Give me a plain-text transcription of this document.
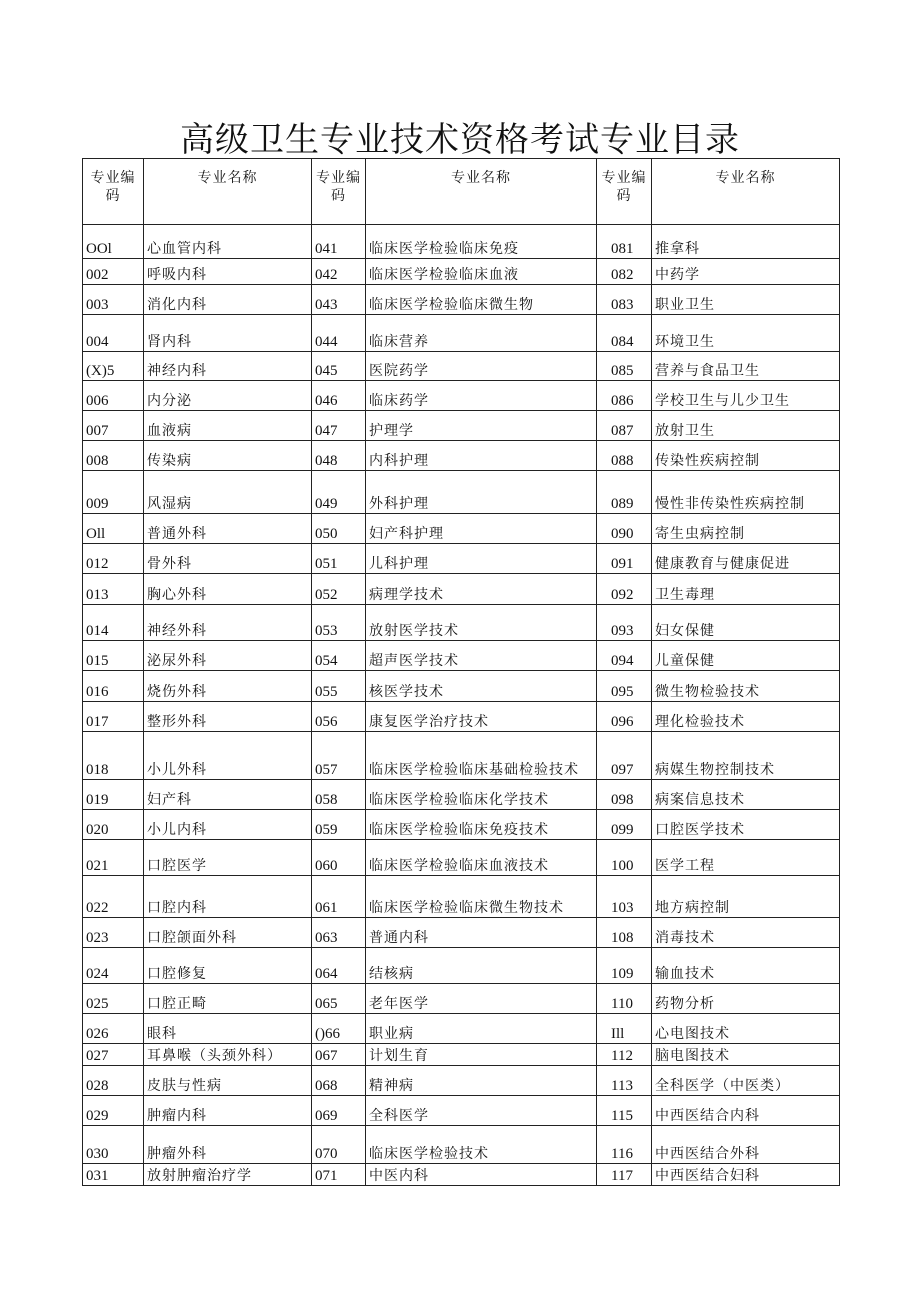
高级卫生专业技术资格考试专业目录
专业编码	专业名称	专业编码	专业名称	专业编码	专业名称
OOl	心血管内科	041	临床医学检验临床免疫	081	推拿科
002	呼吸内科	042	临床医学检验临床血液	082	中药学
003	消化内科	043	临床医学检验临床微生物	083	职业卫生
004	肾内科	044	临床营养	084	环境卫生
(X)5	神经内科	045	医院药学	085	营养与食品卫生
006	内分泌	046	临床药学	086	学校卫生与儿少卫生
007	血液病	047	护理学	087	放射卫生
008	传染病	048	内科护理	088	传染性疾病控制
009	风湿病	049	外科护理	089	慢性非传染性疾病控制
Oll	普通外科	050	妇产科护理	090	寄生虫病控制
012	骨外科	051	儿科护理	091	健康教育与健康促进
013	胸心外科	052	病理学技术	092	卫生毒理
014	神经外科	053	放射医学技术	093	妇女保健
015	泌尿外科	054	超声医学技术	094	儿童保健
016	烧伤外科	055	核医学技术	095	微生物检验技术
017	整形外科	056	康复医学治疗技术	096	理化检验技术
018	小儿外科	057	临床医学检验临床基础检验技术	097	病媒生物控制技术
019	妇产科	058	临床医学检验临床化学技术	098	病案信息技术
020	小儿内科	059	临床医学检验临床免疫技术	099	口腔医学技术
021	口腔医学	060	临床医学检验临床血液技术	100	医学工程
022	口腔内科	061	临床医学检验临床微生物技术	103	地方病控制
023	口腔颌面外科	063	普通内科	108	消毒技术
024	口腔修复	064	结核病	109	输血技术
025	口腔正畸	065	老年医学	110	药物分析
026	眼科	()66	职业病	Ill	心电图技术
027	耳鼻喉（头颈外科）	067	计划生育	112	脑电图技术
028	皮肤与性病	068	精神病	113	全科医学（中医类）
029	肿瘤内科	069	全科医学	115	中西医结合内科
030	肿瘤外科	070	临床医学检验技术	116	中西医结合外科
031	放射肿瘤治疗学	071	中医内科	117	中西医结合妇科
